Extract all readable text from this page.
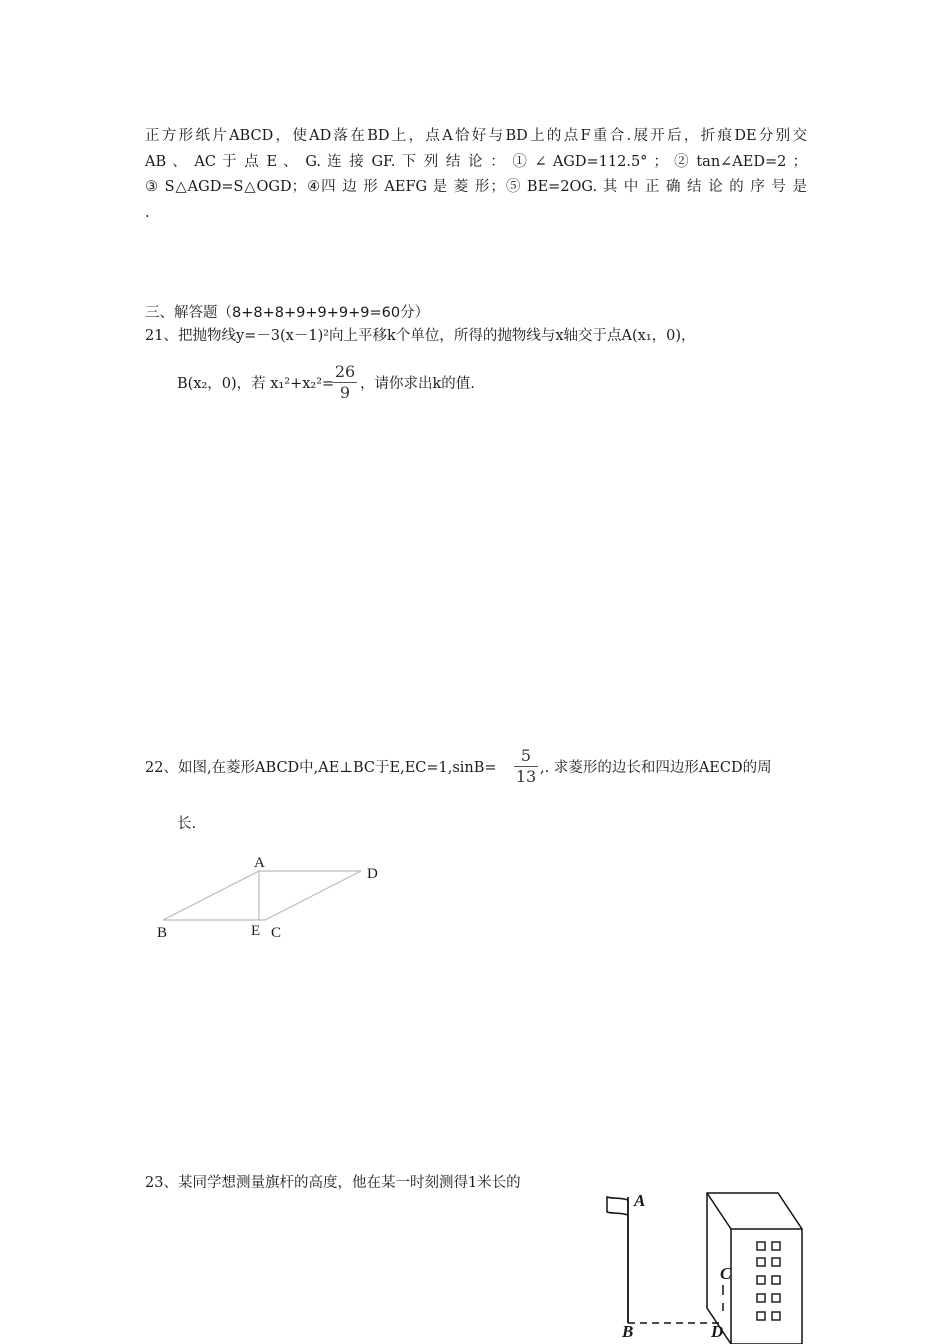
正方形纸片ABCD，使AD落在BD上，点A恰好与BD上的点F重合.展开后，折痕DE分别交
AB 、 AC 于 点 E 、 G. 连 接 GF. 下 列 结 论 ： ① ∠ AGD=112.5° ； ② tan∠AED=2 ；
③ S△AGD=S△OGD；④四 边 形 AEFG 是 菱 形；⑤ BE=2OG. 其 中 正 确 结 论 的 序 号 是
.
三、解答题（8+8+8+9+9+9+9=60分）
21、把抛物线y=－3(x－1)²向上平移k个单位，所得的抛物线与x轴交于点A(x₁，0)，
B(x₂，0)，若 x₁²+x₂²=
26
9 ，请你求出k的值.
22、如图,在菱形ABCD中,AE⊥BC于E,EC=1,sinB=
5
13 ,. 求菱形的边长和四边形AECD的周
长.
A
D
B	E C
23、某同学想测量旗杆的高度，他在某一时刻测得1米长的
A
C
B	D
